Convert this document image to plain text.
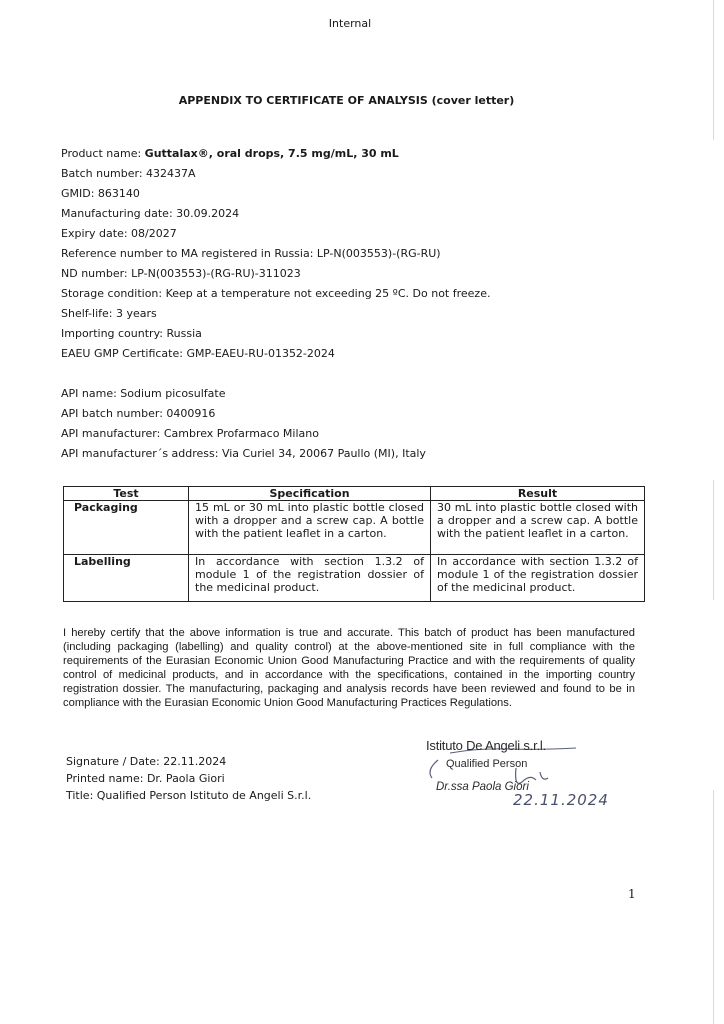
Internal
APPENDIX TO CERTIFICATE OF ANALYSIS (cover letter)
Product name: Guttalax®, oral drops, 7.5 mg/mL, 30 mL
Batch number: 432437A
GMID: 863140
Manufacturing date: 30.09.2024
Expiry date: 08/2027
Reference number to MA registered in Russia: LP-N(003553)-(RG-RU)
ND number: LP-N(003553)-(RG-RU)-311023
Storage condition: Keep at a temperature not exceeding 25 ºC. Do not freeze.
Shelf-life: 3 years
Importing country: Russia
EAEU GMP Certificate: GMP-EAEU-RU-01352-2024
API name: Sodium picosulfate
API batch number: 0400916
API manufacturer: Cambrex Profarmaco Milano
API manufacturer´s address: Via Curiel 34, 20067 Paullo (MI), Italy
Test	Specification	Result
Packaging	15 mL or 30 mL into plastic bottle closed with a dropper and a screw cap. A bottle with the patient leaflet in a carton.	30 mL into plastic bottle closed with a dropper and a screw cap. A bottle with the patient leaflet in a carton.
Labelling	In accordance with section 1.3.2 of module 1 of the registration dossier of the medicinal product.	In accordance with section 1.3.2 of module 1 of the registration dossier of the medicinal product.

I hereby certify that the above information is true and accurate. This batch of product has been manufactured (including packaging (labelling) and quality control) at the above-mentioned site in full compliance with the requirements of the Eurasian Economic Union Good Manufacturing Practice and with the requirements of quality control of medicinal products, and in accordance with the specifications, contained in the importing country registration dossier. The manufacturing, packaging and analysis records have been reviewed and found to be in compliance with the Eurasian Economic Union Good Manufacturing Practices Regulations.

Signature / Date: 22.11.2024
Printed name: Dr. Paola Giori
Title: Qualified Person Istituto de Angeli S.r.l.
Istituto De Angeli s.r.l.
Qualified Person
Dr.ssa Paola Giori
22.11.2024
1
